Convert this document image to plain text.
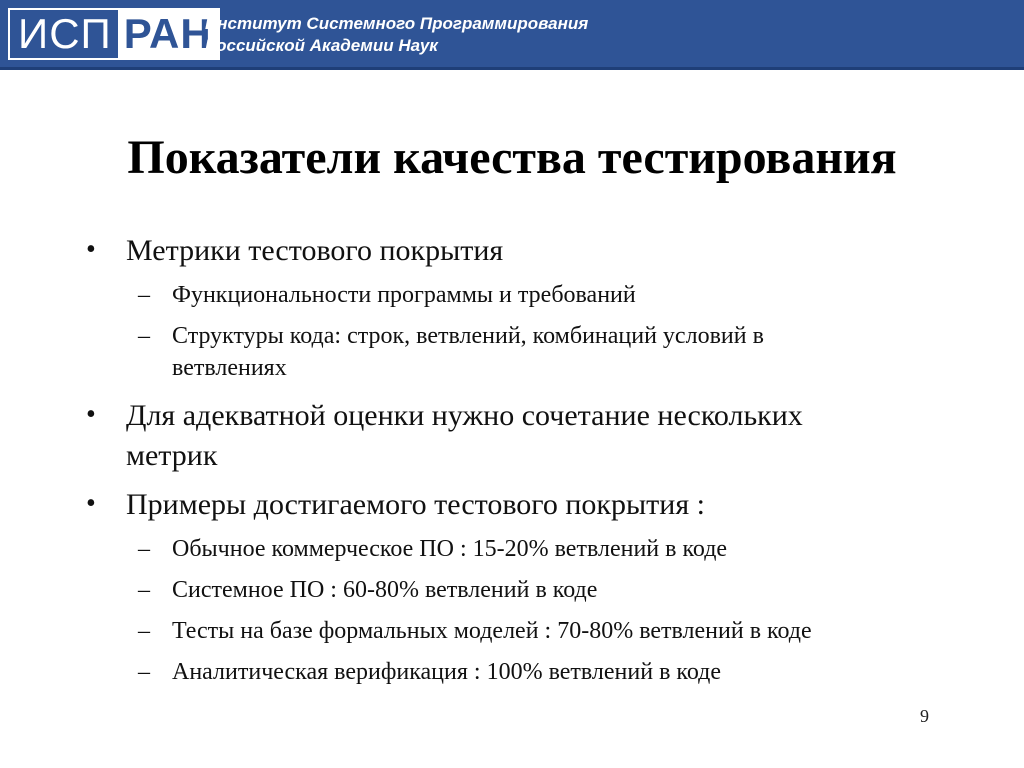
ИСП РАН
Институт Системного Программирования
Российской Академии Наук
Показатели качества тестирования
• Метрики тестового покрытия
– Функциональности программы и требований
– Структуры кода: строк, ветвлений, комбинаций условий в
ветвлениях
• Для адекватной оценки нужно сочетание нескольких
метрик
• Примеры достигаемого тестового покрытия :
– Обычное коммерческое ПО : 15-20% ветвлений в коде
– Системное ПО : 60-80% ветвлений в коде
– Тесты на базе формальных моделей : 70-80% ветвлений в коде
– Аналитическая верификация : 100% ветвлений в коде
9
